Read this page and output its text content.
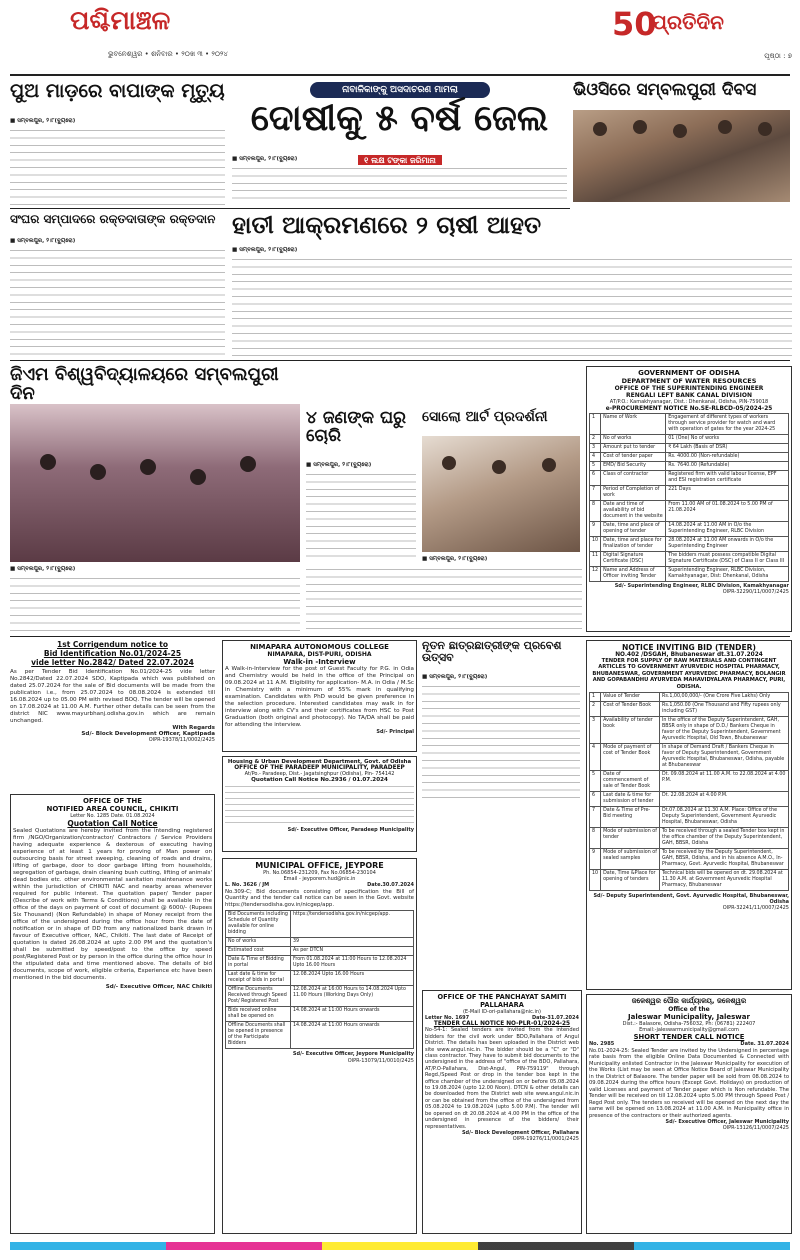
ପଶ୍ଚିମାଞ୍ଚଳ
ଭୁବନେଶ୍ୱର • ଶନିବାର • ୨୦ଖ ୩ • ୨୦୨୪
50
ପ୍ରତିଦିନ
ପୃଷ୍ଠା : ୭
ପୁଅ ମାଡ଼ରେ ବାପାଙ୍କ ମୃତ୍ୟୁ
■ ସମ୍ବଲପୁର, ୨।୮(ବ୍ୟୁରୋ)
ନାବାଳିକାଙ୍କୁ ଅସଦାଚରଣ ମାମଲା
ଦୋଷୀକୁ ୫ ବର୍ଷ ଜେଲ
୧ ଲକ୍ଷ ଟଙ୍କା ଜରିମାନା
■ ସମ୍ବଲପୁର, ୨।୮(ବ୍ୟୁରୋ)
ଭିଓସିରେ ସମ୍ବଲପୁରୀ ଦିବସ
ସଂଘର ସମ୍ପାଦରେ ରକ୍ତଦାତାଙ୍କ ରକ୍ତଦାନ
■ ସମ୍ବଲପୁର, ୨।୮(ବ୍ୟୁରୋ)
ହାତୀ ଆକ୍ରମଣରେ ୨ ଚାଷୀ ଆହତ
■ ସମ୍ବଲପୁର, ୨।୮(ବ୍ୟୁରୋ)
ଜିଏମ ବିଶ୍ୱବିଦ୍ୟାଳୟରେ ସମ୍ବଲପୁରୀ ଦିନ
■ ସମ୍ବଲପୁର, ୨।୮(ବ୍ୟୁରୋ)
୪ ଜଣଙ୍କ ଘରୁ ଚୋରି
■ ସମ୍ବଲପୁର, ୨।୮(ବ୍ୟୁରୋ)
ସୋଲୋ ଆର୍ଟ ପ୍ରଦର୍ଶନୀ
■ ସମ୍ବଲପୁର, ୨।୮(ବ୍ୟୁରୋ)
GOVERNMENT OF ODISHA
DEPARTMENT OF WATER RESOURCES
OFFICE OF THE SUPERINTENDING ENGINEER
RENGALI LEFT BANK CANAL DIVISION
AT/P.O.: Kamakhyanagar, Dist.: Dhenkanal, Odisha, PIN-759018
e-PROCUREMENT NOTICE No.SE-RLBCD-05/2024-25
1	Name of Work	Engagement of different types of workers through service provider for watch and ward with operation of gates for the year 2024-25
2	No of works	01 (One) No of works
3	Amount put to tender	₹ 64 Lakh (Basis of DSR)
4	Cost of tender paper	Rs. 4000.00 (Non-refundable)
5	EMD/ Bid Security	Rs. 7640.00 (Refundable)
6	Class of contractor	Registered firm with valid labour license, EPF and ESI registration certificate
7	Period of Completion of work	221 Days
8	Date and time of availability of bid document in the website	From 11.00 AM of 01.08.2024 to 5.00 PM of 21.08.2024
9	Date, time and place of opening of tender	14.08.2024 at 11.00 AM in O/o the Superintending Engineer, RLBC Division
10	Date, time and place for finalization of tender	28.08.2024 at 11.00 AM onwards in O/o the Superintending Engineer
11	Digital Signature Certificate (DSC)	The bidders must possess compatible Digital Signature Certificate (DSC) of Class II or Class III
12	Name and Address of Officer inviting Tender	Superintending Engineer, RLBC Division, Kamakhyanagar, Dist: Dhenkanal, Odisha
Sd/- Superintending Engineer, RLBC Division, Kamakhyanagar
OIPR-32290/11/0007/2425
ନୂତନ ଛାତ୍ରଛାତ୍ରୀଙ୍କ ପ୍ରବେଶ ଉତ୍ସବ
■ ସମ୍ବଲପୁର, ୨।୮(ବ୍ୟୁରୋ)
1st Corrigendum notice to
Bid Identification No.01/2024-25
vide letter No.2842/ Dated 22.07.2024
As per Tender Bid Identification No.01/2024-25 vide letter No.2842/Dated 22.07.2024 SDO, Kaptipada which was published on dated 25.07.2024 for the sale of Bid documents will be made from the publication i.e., from 25.07.2024 to 08.08.2024 is extended till 16.08.2024 up to 05.00 PM with revised BOQ. The tender will be opened on 17.08.2024 at 11.00 A.M. Further other details can be seen from the district NIC www.mayurbhanj.odisha.gov.in which are remain unchanged.
With Regards
Sd/- Block Development Officer, Kaptipada
OIPR-19378/11/0002/2425
NIMAPARA AUTONOMOUS COLLEGE
NIMAPARA, DIST-PURI, ODISHA
Walk-in -Interview
A Walk-in-Interview for the post of Guest Faculty for P.G. in Odia and Chemistry would be held in the office of the Principal on 09.08.2024 at 11 A.M. Eligibility for application- M.A. in Odia / M.Sc in Chemistry with a minimum of 55% mark in qualifying examination. Candidates with PhD would be given preference in the selection procedure. Interested candidates may walk in for interview along with CV's and their certificates from HSC to Post Graduation (both original and photocopy). No TA/DA shall be paid for attending the interview.
Sd/- Principal
Housing & Urban Development Department, Govt. of Odisha
OFFICE OF THE PARADEEP MUNICIPALITY, PARADEEP
At/Po.- Paradeep, Dist.- Jagatsinghpur (Odisha), Pin- 754142
Quotation Call Notice No.2936 / 01.07.2024
Sd/- Executive Officer, Paradeep Municipality
NOTICE INVITING BID (TENDER)
NO.402 /DSGAH, Bhubaneswar dt.31.07.2024
TENDER FOR SUPPLY OF RAW MATERIALS AND CONTINGENT ARTICLES TO GOVERNMENT AYURVEDIC HOSPITAL PHARMACY, BHUBANESWAR, GOVERNMENT AYURVEDIC PHARMACY, BOLANGIR AND GOPABANDHU AYURVEDA MAHAVIDYALAYA PHARMACY, PURI, ODISHA.
1	Value of Tender	Rs.1,00,00,000/- (One Crore Five Lakhs) Only
2	Cost of Tender Book	Rs.1,050.00 (One Thousand and Fifty rupees only including GST)
3	Availability of tender book	In the office of the Deputy Superintendent, GAH, BBSR only in shape of D.D./ Bankers Cheque in favor of the Deputy Superintendent, Government Ayurvedic Hospital, Old Town, Bhubaneswar
4	Mode of payment of cost of Tender Book	In shape of Demand Draft / Bankers Cheque in favor of Deputy Superintendent, Government Ayurvedic Hospital, Bhubaneswar, Odisha, payable at Bhubaneswar
5	Date of commencement of sale of Tender Book	Dt. 09.08.2024 at 11.00 A.M. to 22.08.2024 at 4.00 P.M.
6	Last date & time for submission of tender	Dt. 22.08.2024 at 4.00 P.M.
7	Date & Time of Pre-Bid meeting	Dt.07.08.2024 at 11.30 A.M. Place: Office of the Deputy Superintendent, Government Ayurvedic Hospital, Bhubaneswar, Odisha
8	Mode of submission of tender	To be received through a sealed Tender box kept in the office chamber of the Deputy Superintendent, GAH, BBSR, Odisha
9	Mode of submission of sealed samples	To be received by the Deputy Superintendent, GAH, BBSR, Odisha, and in his absence A.M.O., In-Pharmacy, Govt. Ayurvedic Hospital, Bhubaneswar
10	Date, Time &Place for opening of tenders	Technical bids will be opened on dt. 29.08.2024 at 11.30 A.M. at Government Ayurvedic Hospital Pharmacy, Bhubaneswar
Sd/- Deputy Superintendent, Govt. Ayurvedic Hospital, Bhubaneswar, Odisha
OIPR-32241/11/0007/2425
OFFICE OF THE
NOTIFIED AREA COUNCIL, CHIKITI
Letter No. 1285 Date. 01.08.2024
Quotation Call Notice
Sealed Quotations are hereby invited from the intending registered firm /NGO/Organization/contractor/ Contractors / Service Providers having adequate experience & dexterous of executing having experience of at least 1 years for proving of Man power on outsourcing basis for street sweeping, cleaning of roads and drains, lifting of garbage, door to door garbage lifting from households, segregation of garbage, drain cleaning bush cutting, lifting of animals' dead bodies etc. other environmental sanitation maintenance works within the jurisdiction of CHIKITI NAC and nearby areas whenever required for public interest. The quotation paper/ Tender paper (Describe of work with Terms & Conditions) shall be available in the office of the days on payment of cost of document @ 6000/- (Rupees Six Thousand) (Non Refundable) in shape of Money receipt from the office of the undersigned during the office hour from the date of notification or in shape of DD from any nationalized bank drawn in favour of Executive officer, NAC, Chikiti. The last date of Receipt of quotation is dated 26.08.2024 at upto 2.00 PM and the quotation's shall be submitted by speed/post to the office by speed post/Registered Post or by person in the office during the office hour in the stipulated data and time mentioned above. The details of bid documents, scope of work, eligible criteria, Experience etc have been mentioned in the bid documents.
Sd/- Executive Officer, NAC Chikiti
MUNICIPAL OFFICE, JEYPORE
Ph. No.06854-231209, Fax No.06854-230104
Email - jeyporem.hud@nic.in
L. No. 3626 / JM	Date.30.07.2024
No.309-C; Bid documents consisting of specification the Bill of Quantity and the tender call notice can be seen in the Govt. website https://tendersodisha.gov.in/nicgep/app.
Bid Documents including Schedule of Quantity available for online bidding	https://tendersodisha.gov.in/nicgep/app.
No of works	39
Estimated cost	As per DTCN
Date & Time of Bidding in portal	From 01.08.2024 at 11:00 Hours to 12.08.2024 Upto 16.00 Hours
Last date & time for receipt of bids in portal	12.08.2024 Upto 16.00 Hours
Offline Documents Received through Speed Post/ Registered Post	12.08.2024 at 16:00 Hours to 14.08.2024 Upto 11.00 Hours (Working Days Only)
Bids received online shall be opened on	14.08.2024 at 11:00 Hours onwards
Offline Documents shall be opened in presence of the Participate Bidders	14.08.2024 at 11:00 Hours onwards
Sd/- Executive Officer, Jeypore Municipality
OIPR-13079/11/0010/2425
OFFICE OF THE PANCHAYAT SAMITI
PALLAHARA
(E-Mail ID-ori-pallahara@nic.in)
Letter No. 1697	Date-31.07.2024
TENDER CALL NOTICE NO-PLR-01/2024-25
No-54-1: Sealed tenders are invited from the intended bidders for the civil work under BDO,Pallahara of Angul District. The details has been uploaded in the District web site www.angul.nic.in. The bidder should be a "C" or "D" class contractor. They have to submit bid documents to the undersigned in the address of "office of the BDO, Pallahara, AT/P.O-Pallahara, Dist-Angul, PIN-759119" through Regd./Speed Post or drop in the tender box kept in the office chamber of the undersigned on or before 05.08.2024 to 19.08.2024 (upto 12.00 Noon). DTCN & other details can be downloaded from the District web site www.angul.nic.in or can be obtained from the office of the undersigned from 05.08.2024 to 19.08.2024 (upto 5.00 P.M). The tender will be opened on dt 20.08.2024 at 4.00 PM in the office of the undersigned in presence of the bidders/ their representatives.
Sd/- Block Development Officer, Pallahara
OIPR-19276/11/0001/2425
ଜଳେଶ୍ୱର ପୌର କାର୍ଯ୍ୟାଳୟ, ଜଳେଶ୍ୱର
Office of the
Jaleswar Municipality, Jaleswar
Dist.:- Balasore, Odisha-756032, Ph: (06781) 222407
Email:-jaleswarmunicipality@gmail.com
SHORT TENDER CALL NOTICE
No. 2985	Date. 31.07.2024
No.01-2024-25: Sealed Tender are invited by the Undersigned in percentage rate basis from the eligible Online Data Documented & Connected with Municipality enlisted Contractor in the Jaleswar Municipality for execution of the Works (List may be seen at Office Notice Board of Jaleswar Municipality in the District of Balasore. The tender paper will be sold from 08.08.2024 to 09.08.2024 during the office hours (Except Govt. Holidays) on production of valid Licenses and payment of Tender paper which is Non refundable. The Tender will be received on till 12.08.2024 upto 5.00 PM through Speed Post / Regd Post only. The tenders so received will be opened on the next day the same will be opened on 13.08.2024 at 11.00 A.M. in Municipality office in presence of the contractors or their authorized agents.
Sd/- Executive Officer, Jaleswar Municipality
OIPR-13126/11/0007/2425
